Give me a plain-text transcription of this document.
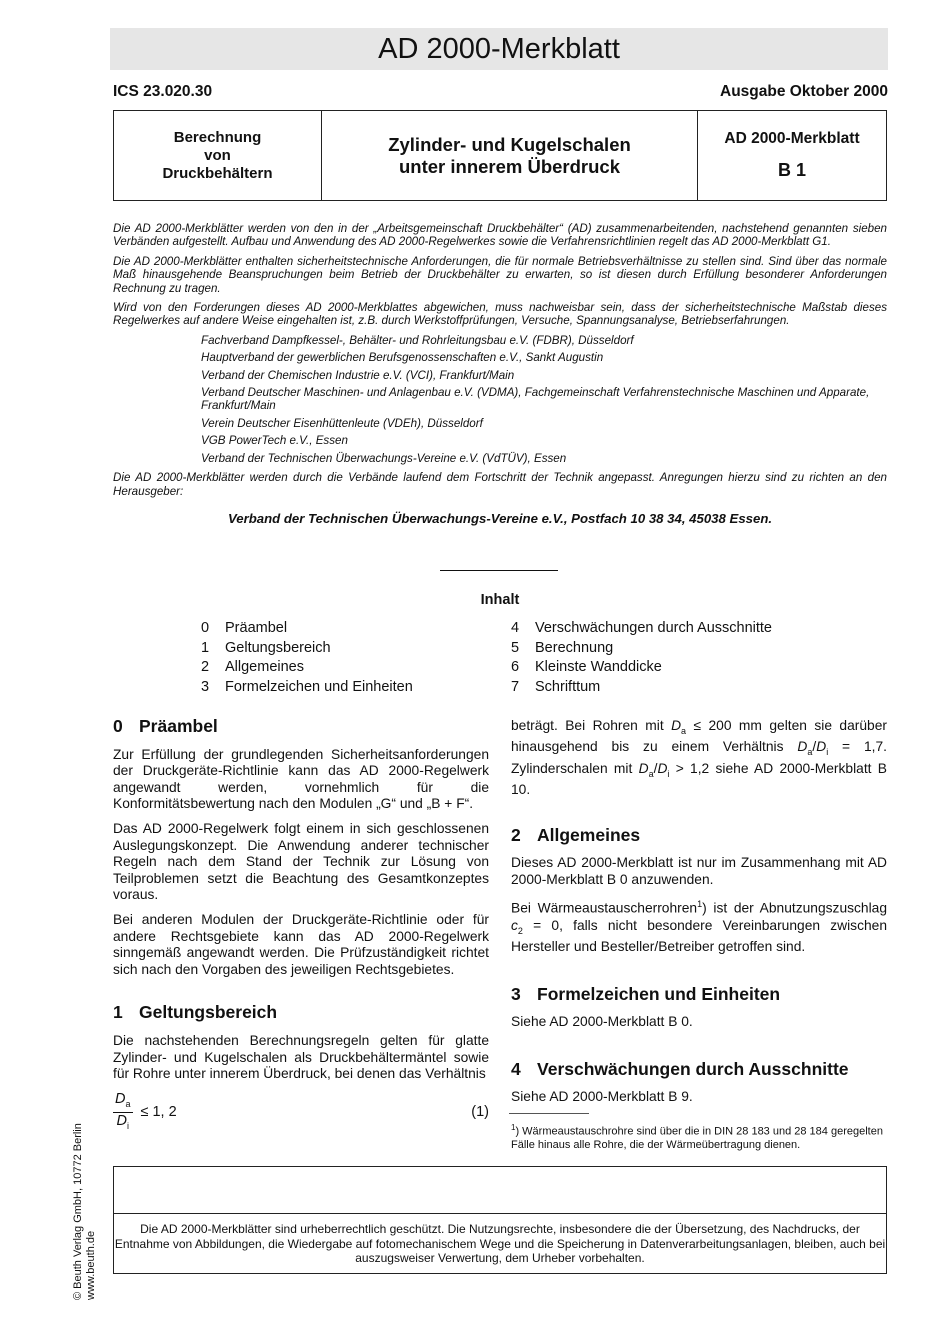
AD 2000-Merkblatt
ICS 23.020.30	Ausgabe Oktober 2000
Berechnung
von
Druckbehältern
Zylinder- und Kugelschalen
unter innerem Überdruck
AD 2000-Merkblatt
B 1

Die AD 2000-Merkblätter werden von den in der „Arbeitsgemeinschaft Druckbehälter“ (AD) zusammenarbeitenden, nachstehend genannten sieben Verbänden aufgestellt. Aufbau und Anwendung des AD 2000-Regelwerkes sowie die Verfahrensrichtlinien regelt das AD 2000-Merkblatt G1.

Die AD 2000-Merkblätter enthalten sicherheitstechnische Anforderungen, die für normale Betriebsverhältnisse zu stellen sind. Sind über das normale Maß hinausgehende Beanspruchungen beim Betrieb der Druckbehälter zu erwarten, so ist diesen durch Erfüllung besonderer Anforderungen Rechnung zu tragen.

Wird von den Forderungen dieses AD 2000-Merkblattes abgewichen, muss nachweisbar sein, dass der sicherheitstechnische Maßstab dieses Regelwerkes auf andere Weise eingehalten ist, z.B. durch Werkstoffprüfungen, Versuche, Spannungsanalyse, Betriebserfahrungen.

Fachverband Dampfkessel-, Behälter- und Rohrleitungsbau e.V. (FDBR), Düsseldorf
Hauptverband der gewerblichen Berufsgenossenschaften e.V., Sankt Augustin
Verband der Chemischen Industrie e.V. (VCI), Frankfurt/Main
Verband Deutscher Maschinen- und Anlagenbau e.V. (VDMA), Fachgemeinschaft Verfahrenstechnische Maschinen und Apparate, Frankfurt/Main
Verein Deutscher Eisenhüttenleute (VDEh), Düsseldorf
VGB PowerTech e.V., Essen
Verband der Technischen Überwachungs-Vereine e.V. (VdTÜV), Essen

Die AD 2000-Merkblätter werden durch die Verbände laufend dem Fortschritt der Technik angepasst. Anregungen hierzu sind zu richten an den Herausgeber:

Verband der Technischen Überwachungs-Vereine e.V., Postfach 10 38 34, 45038 Essen.
Inhalt
0 Präambel
1 Geltungsbereich
2 Allgemeines
3 Formelzeichen und Einheiten
4 Verschwächungen durch Ausschnitte
5 Berechnung
6 Kleinste Wanddicke
7 Schrifttum
0 Präambel

Zur Erfüllung der grundlegenden Sicherheitsanforderungen der Druckgeräte-Richtlinie kann das AD 2000-Regelwerk angewandt werden, vornehmlich für die Konformitätsbewertung nach den Modulen „G“ und „B + F“.

Das AD 2000-Regelwerk folgt einem in sich geschlossenen Auslegungskonzept. Die Anwendung anderer technischer Regeln nach dem Stand der Technik zur Lösung von Teilproblemen setzt die Beachtung des Gesamtkonzeptes voraus.

Bei anderen Modulen der Druckgeräte-Richtlinie oder für andere Rechtsgebiete kann das AD 2000-Regelwerk sinngemäß angewandt werden. Die Prüfzuständigkeit richtet sich nach den Vorgaben des jeweiligen Rechtsgebietes.

1 Geltungsbereich

Die nachstehenden Berechnungsregeln gelten für glatte Zylinder- und Kugelschalen als Druckbehältermäntel sowie für Rohre unter innerem Überdruck, bei denen das Verhältnis

$\frac{D_a}{D_i} \le 1$, 2	(1)

beträgt. Bei Rohren mit $D_a \le 200$ mm gelten sie darüber hinausgehend bis zu einem Verhältnis $D_a/D_i = 1,7$. Zylinderschalen mit $D_a/D_i > 1,2$ siehe AD 2000-Merkblatt B 10.

2 Allgemeines

Dieses AD 2000-Merkblatt ist nur im Zusammenhang mit AD 2000-Merkblatt B 0 anzuwenden.

Bei Wärmeaustauscherrohren$^1$) ist der Abnutzungszuschlag $c_2 = 0$, falls nicht besondere Vereinbarungen zwischen Hersteller und Besteller/Betreiber getroffen sind.

3 Formelzeichen und Einheiten

Siehe AD 2000-Merkblatt B 0.

4 Verschwächungen durch Ausschnitte

Siehe AD 2000-Merkblatt B 9.

$^1$) Wärmeaustauschrohre sind über die in DIN 28 183 und 28 184 geregelten Fälle hinaus alle Rohre, die der Wärmeübertragung dienen.
Die AD 2000-Merkblätter sind urheberrechtlich geschützt. Die Nutzungsrechte, insbesondere die der Übersetzung, des Nachdrucks, der Entnahme von Abbildungen, die Wiedergabe auf fotomechanischem Wege und die Speicherung in Datenverarbeitungsanlagen, bleiben, auch bei auszugsweiser Verwertung, dem Urheber vorbehalten.
© Beuth Verlag GmbH, 10772 Berlin www.beuth.de
